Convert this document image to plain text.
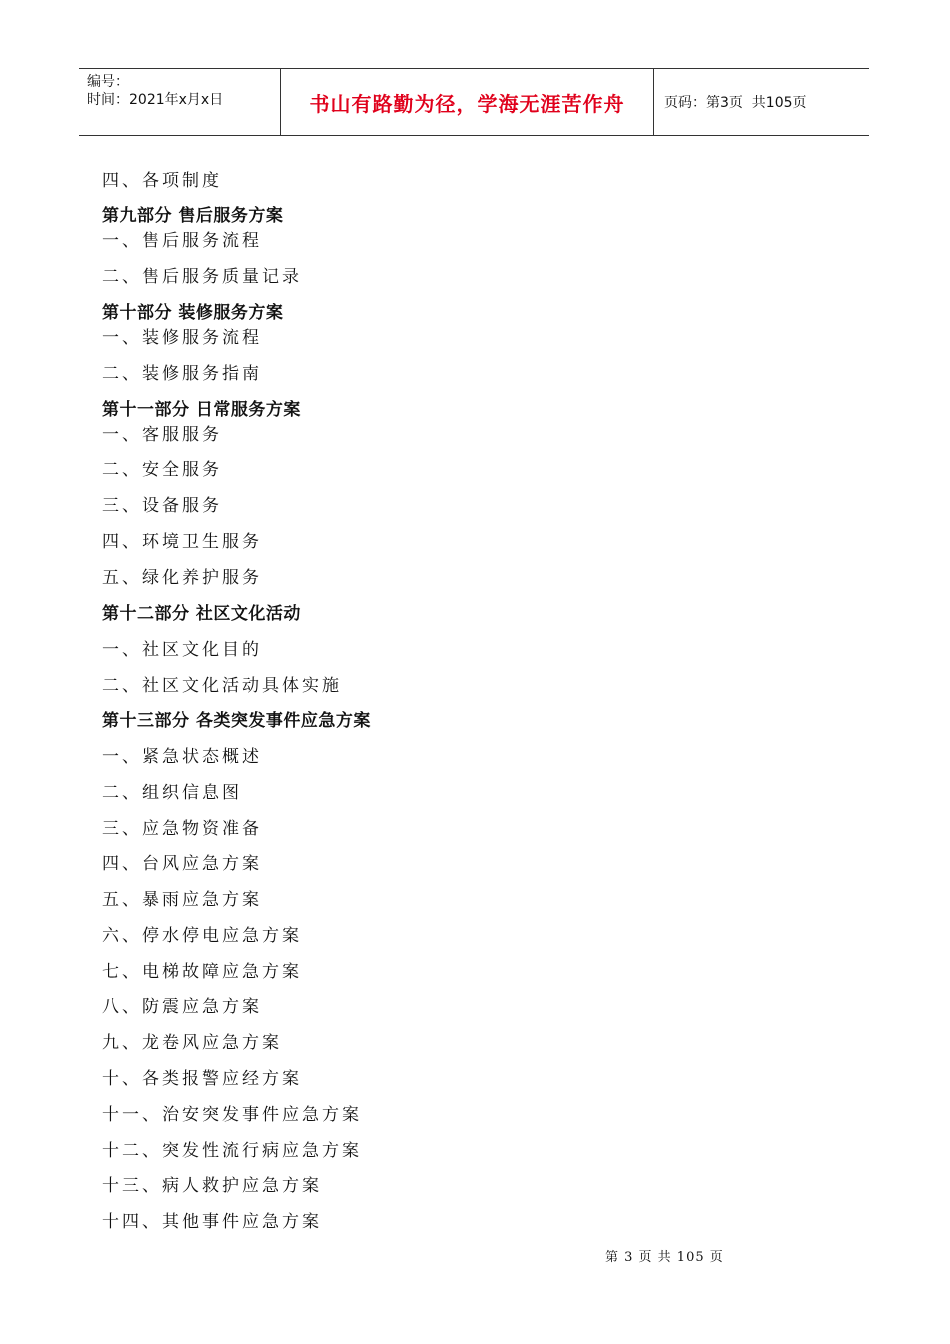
编号：
时间：2021年x月x日	书山有路勤为径，学海无涯苦作舟	页码：第3页  共105页
四、各项制度
第九部分 售后服务方案
一、售后服务流程
二、售后服务质量记录
第十部分 装修服务方案
一、装修服务流程
二、装修服务指南
第十一部分 日常服务方案
一、客服服务
二、安全服务
三、设备服务
四、环境卫生服务
五、绿化养护服务
第十二部分 社区文化活动
一、社区文化目的
二、社区文化活动具体实施
第十三部分 各类突发事件应急方案
一、紧急状态概述
二、组织信息图
三、应急物资准备
四、台风应急方案
五、暴雨应急方案
六、停水停电应急方案
七、电梯故障应急方案
八、防震应急方案
九、龙卷风应急方案
十、各类报警应经方案
十一、治安突发事件应急方案
十二、突发性流行病应急方案
十三、病人救护应急方案
十四、其他事件应急方案
第 3 页 共 105 页
